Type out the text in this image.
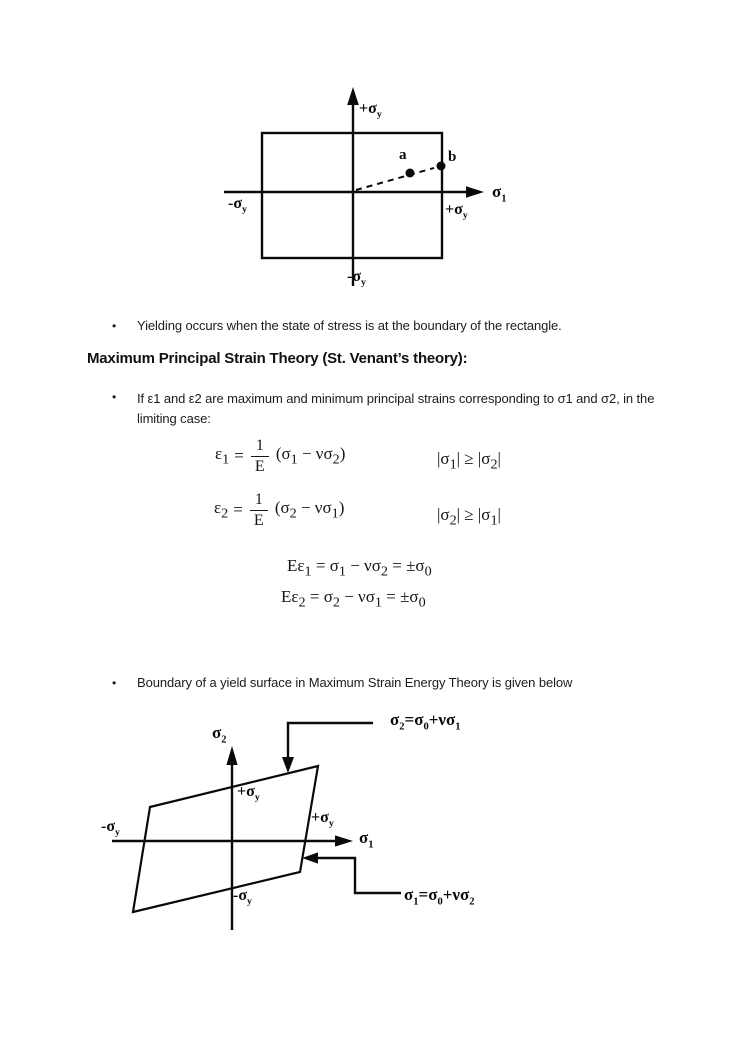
$+\sigma_y$
a	b
$-\sigma_y$	$+\sigma_y$
$\sigma_1$
$-\sigma_y$
•	Yielding occurs when the state of stress is at the boundary of the rectangle.
Maximum Principal Strain Theory (St. Venant’s theory):
•	If ε1 and ε2 are maximum and minimum principal strains corresponding to σ1 and σ2, in the
limiting case:
$\varepsilon_1 = \frac{1}{E} (\sigma_1 - \nu\sigma_2)$	$|\sigma_1| \ge |\sigma_2|$
$\varepsilon_2 = \frac{1}{E} (\sigma_2 - \nu\sigma_1)$	$|\sigma_2| \ge |\sigma_1|$
$E\varepsilon_1 = \sigma_1 - \nu\sigma_2 = \pm\sigma_0$
$E\varepsilon_2 = \sigma_2 - \nu\sigma_1 = \pm\sigma_0$
•	Boundary of a yield surface in Maximum Strain Energy Theory is given below
$\sigma_2$
$\sigma_2=\sigma_0+\nu\sigma_1$
$+\sigma_y$
$-\sigma_y$
$+\sigma_y$
$\sigma_1$
$-\sigma_y$	$\sigma_1=\sigma_0+\nu\sigma_2$
